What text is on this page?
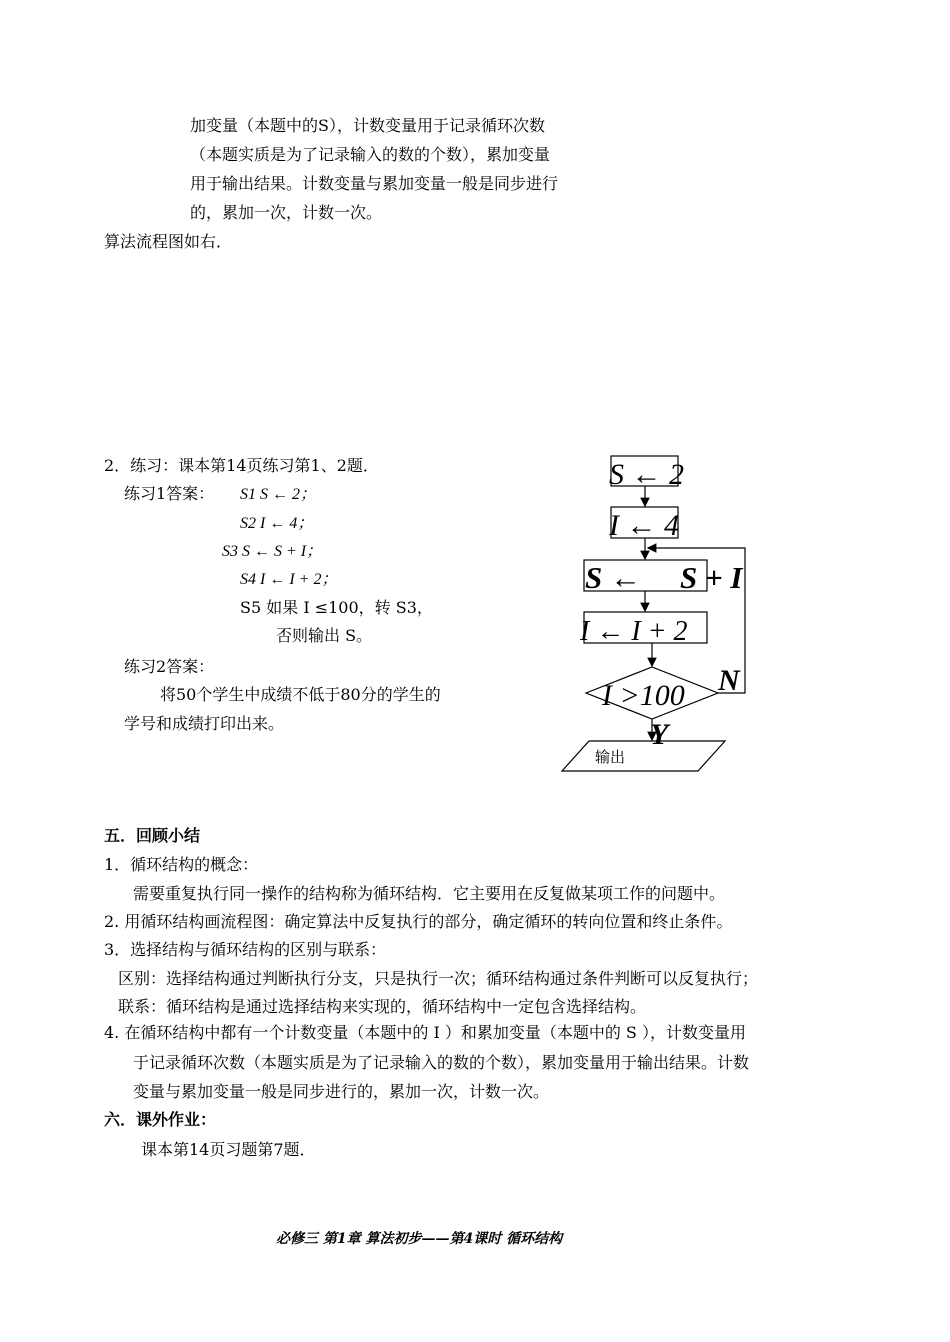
加变量（本题中的S），计数变量用于记录循环次数
（本题实质是为了记录输入的数的个数），累加变量
用于输出结果。计数变量与累加变量一般是同步进行
的，累加一次，计数一次。
算法流程图如右．
2．练习：课本第14页练习第1、2题．
练习1答案： S1 S ← 2；
S2 I ← 4；
S3 S ← S + I；
S4 I ← I + 2；
S5 如果 I ≤100，转 S3，
否则输出 S。
练习2答案：
将50个学生中成绩不低于80分的学生的
学号和成绩打印出来。
S ← 2
I ← 4
S ← S + I
I ← I + 2
I >100 N
Y
输出
五．回顾小结
1．循环结构的概念：
需要重复执行同一操作的结构称为循环结构．它主要用在反复做某项工作的问题中。
2. 用循环结构画流程图：确定算法中反复执行的部分，确定循环的转向位置和终止条件。
3．选择结构与循环结构的区别与联系：
区别：选择结构通过判断执行分支，只是执行一次；循环结构通过条件判断可以反复执行；
联系：循环结构是通过选择结构来实现的，循环结构中一定包含选择结构。
4. 在循环结构中都有一个计数变量（本题中的 I ）和累加变量（本题中的 S ），计数变量用
于记录循环次数（本题实质是为了记录输入的数的个数），累加变量用于输出结果。计数
变量与累加变量一般是同步进行的，累加一次，计数一次。
六．课外作业：
课本第14页习题第7题．
必修三 第1章 算法初步——第4课时 循环结构
